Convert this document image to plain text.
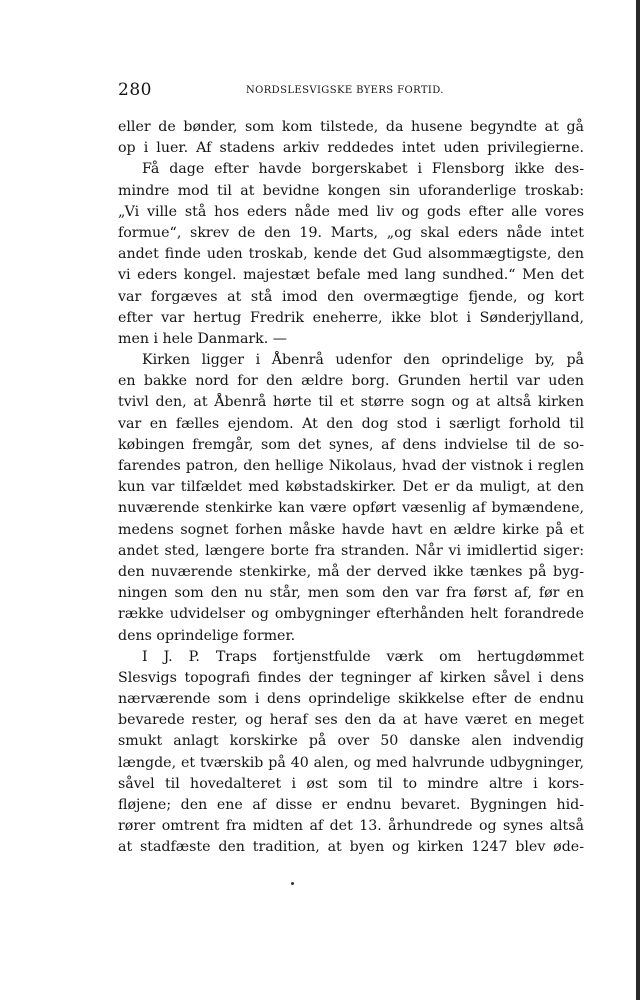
280	NORDSLESVIGSKE BYERS FORTID.
eller de bønder, som kom tilstede, da husene begyndte at gå
op i luer. Af stadens arkiv reddedes intet uden privilegierne.
Få dage efter havde borgerskabet i Flensborg ikke des-
mindre mod til at bevidne kongen sin uforanderlige troskab:
„Vi ville stå hos eders nåde med liv og gods efter alle vores
formue“, skrev de den 19. Marts, „og skal eders nåde intet
andet finde uden troskab, kende det Gud alsommægtigste, den
vi eders kongel. majestæt befale med lang sundhed.“ Men det
var forgæves at stå imod den overmægtige fjende, og kort
efter var hertug Fredrik eneherre, ikke blot i Sønderjylland,
men i hele Danmark. —
Kirken ligger i Åbenrå udenfor den oprindelige by, på
en bakke nord for den ældre borg. Grunden hertil var uden
tvivl den, at Åbenrå hørte til et større sogn og at altså kirken
var en fælles ejendom. At den dog stod i særligt forhold til
købingen fremgår, som det synes, af dens indvielse til de so-
farendes patron, den hellige Nikolaus, hvad der vistnok i reglen
kun var tilfældet med købstadskirker. Det er da muligt, at den
nuværende stenkirke kan være opført væsenlig af bymændene,
medens sognet forhen måske havde havt en ældre kirke på et
andet sted, længere borte fra stranden. Når vi imidlertid siger:
den nuværende stenkirke, må der derved ikke tænkes på byg-
ningen som den nu står, men som den var fra først af, før en
række udvidelser og ombygninger efterhånden helt forandrede
dens oprindelige former.
I J. P. Traps fortjenstfulde værk om hertugdømmet
Slesvigs topografi findes der tegninger af kirken såvel i dens
nærværende som i dens oprindelige skikkelse efter de endnu
bevarede rester, og heraf ses den da at have været en meget
smukt anlagt korskirke på over 50 danske alen indvendig
længde, et tværskib på 40 alen, og med halvrunde udbygninger,
såvel til hovedalteret i øst som til to mindre altre i kors-
fløjene; den ene af disse er endnu bevaret. Bygningen hid-
rører omtrent fra midten af det 13. århundrede og synes altså
at stadfæste den tradition, at byen og kirken 1247 blev øde-
